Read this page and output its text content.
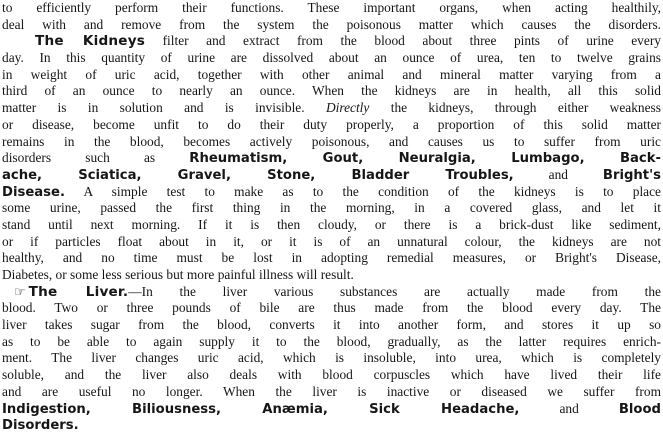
to efficiently perform their functions. These important organs, when acting healthily,
deal with and remove from the system the poisonous matter which causes the disorders.
The Kidneys filter and extract from the blood about three pints of urine every
day. In this quantity of urine are dissolved about an ounce of urea, ten to twelve grains
in weight of uric acid, together with other animal and mineral matter varying from a
third of an ounce to nearly an ounce. When the kidneys are in health, all this solid
matter is in solution and is invisible. Directly the kidneys, through either weakness
or disease, become unfit to do their duty properly, a proportion of this solid matter
remains in the blood, becomes actively poisonous, and causes us to suffer from uric
disorders such as	Rheumatism, Gout, Neuralgia, Lumbago, Back-
ache, Sciatica, Gravel, Stone, Bladder Troubles,	and	Bright's
Disease. A simple test to make as to the condition of the kidneys is to place
some urine, passed the first thing in the morning, in a covered glass, and let it
stand until next morning. If it is then cloudy, or there is a brick-dust like sediment,
or if particles float about in it, or it is of an unnatural colour, the kidneys are not
healthy, and no time must be lost in adopting remedial measures, or Bright's Disease,
Diabetes, or some less serious but more painful illness will result.
☞ The Liver.—In the liver various substances are actually made from the
blood. Two or three pounds of bile are thus made from the blood every day. The
liver takes sugar from the blood, converts it into another form, and stores it up so
as to be able to again supply it to the blood, gradually, as the latter requires enrich-
ment. The liver changes uric acid, which is insoluble, into urea, which is completely
soluble, and the liver also deals with blood corpuscles which have lived their life
and are useful no longer. When the liver is inactive or diseased we suffer from
Indigestion, Biliousness, Anæmia, Sick Headache,	and	Blood
Disorders.
